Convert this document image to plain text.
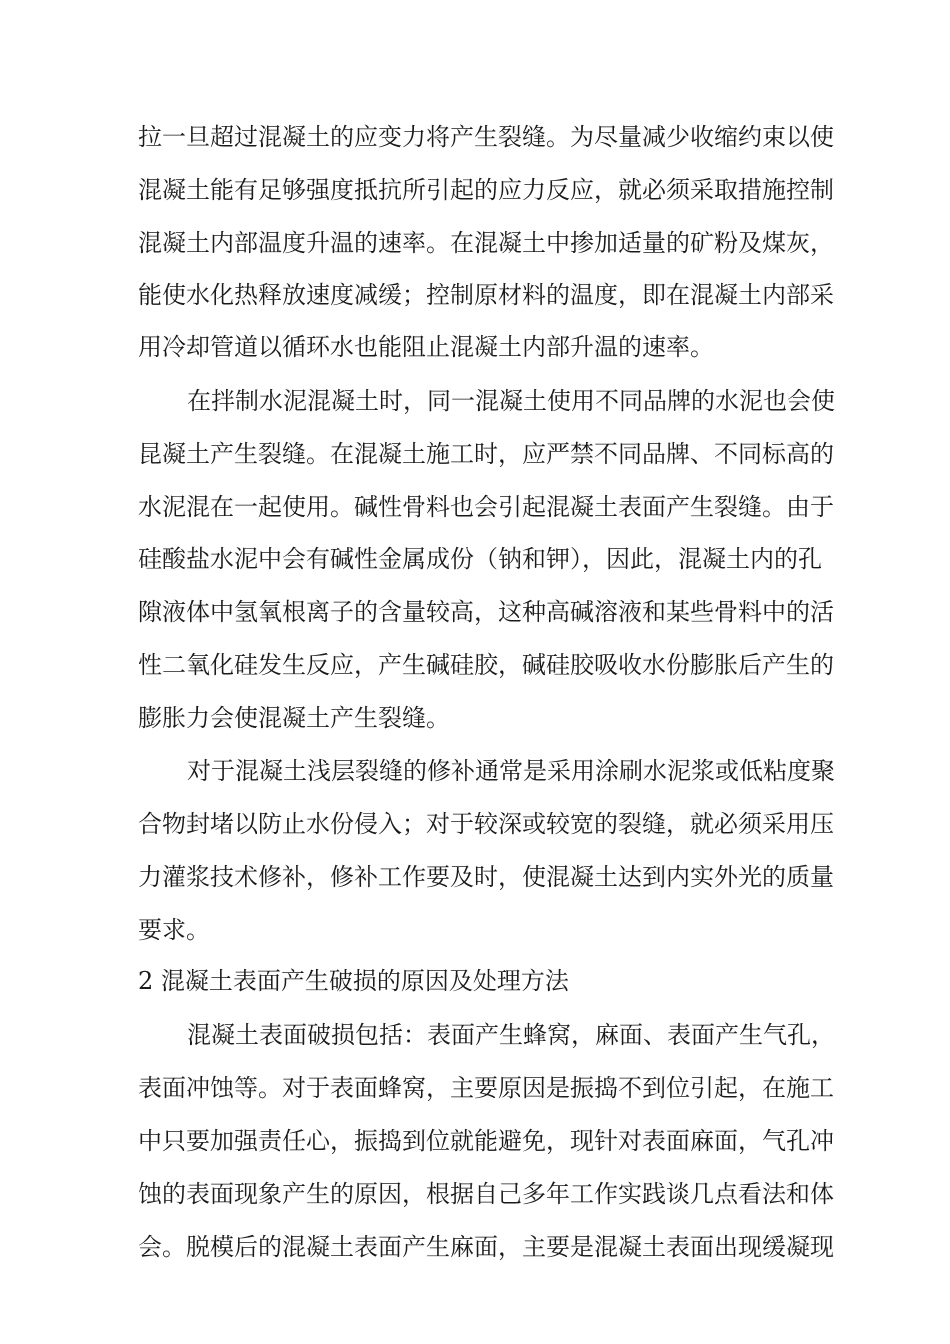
拉一旦超过混凝土的应变力将产生裂缝。为尽量减少收缩约束以使
混凝土能有足够强度抵抗所引起的应力反应，就必须采取措施控制
混凝土内部温度升温的速率。在混凝土中掺加适量的矿粉及煤灰，
能使水化热释放速度减缓；控制原材料的温度，即在混凝土内部采
用冷却管道以循环水也能阻止混凝土内部升温的速率。
在拌制水泥混凝土时，同一混凝土使用不同品牌的水泥也会使
昆凝土产生裂缝。在混凝土施工时，应严禁不同品牌、不同标高的
水泥混在一起使用。碱性骨料也会引起混凝土表面产生裂缝。由于
硅酸盐水泥中会有碱性金属成份（钠和钾），因此，混凝土内的孔
隙液体中氢氧根离子的含量较高，这种高碱溶液和某些骨料中的活
性二氧化硅发生反应，产生碱硅胶，碱硅胶吸收水份膨胀后产生的
膨胀力会使混凝土产生裂缝。
对于混凝土浅层裂缝的修补通常是采用涂刷水泥浆或低粘度聚
合物封堵以防止水份侵入；对于较深或较宽的裂缝，就必须采用压
力灌浆技术修补，修补工作要及时，使混凝土达到内实外光的质量
要求。
2 混凝土表面产生破损的原因及处理方法
混凝土表面破损包括：表面产生蜂窝，麻面、表面产生气孔，
表面冲蚀等。对于表面蜂窝，主要原因是振捣不到位引起，在施工
中只要加强责任心，振捣到位就能避免，现针对表面麻面，气孔冲
蚀的表面现象产生的原因，根据自己多年工作实践谈几点看法和体
会。脱模后的混凝土表面产生麻面，主要是混凝土表面出现缓凝现
